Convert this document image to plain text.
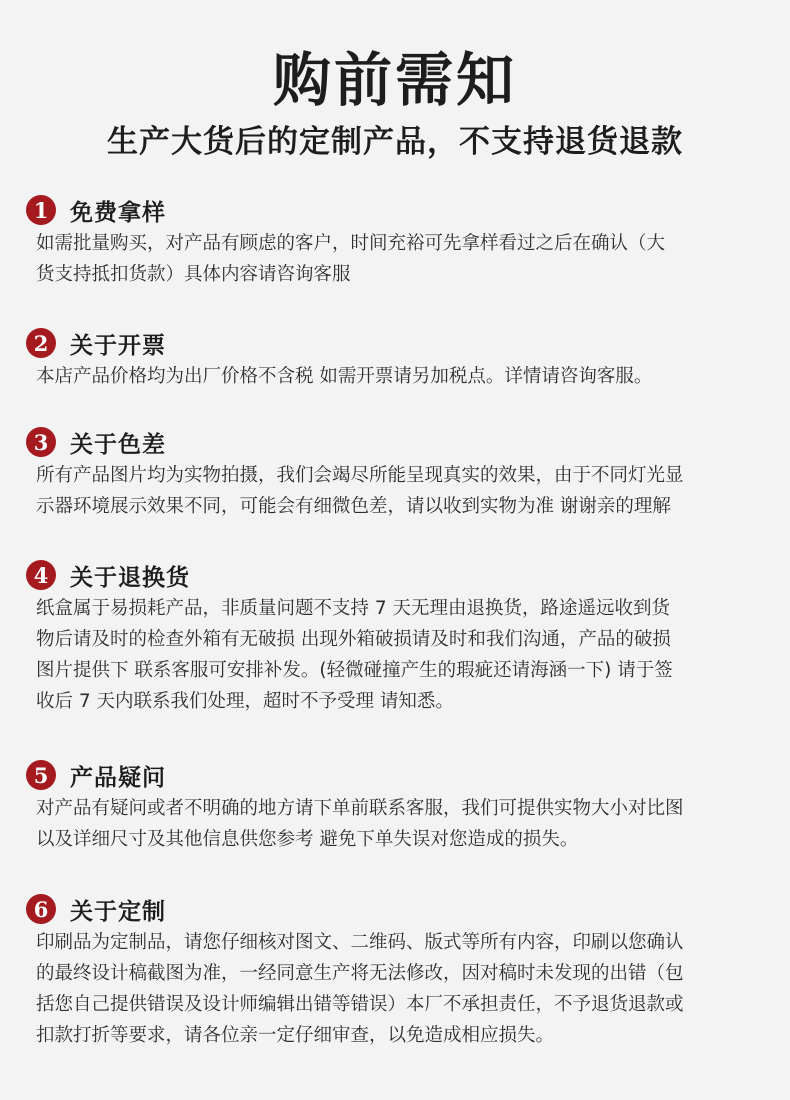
购前需知
生产大货后的定制产品，不支持退货退款
1 免费拿样
如需批量购买，对产品有顾虑的客户，时间充裕可先拿样看过之后在确认（大
货支持抵扣货款）具体内容请咨询客服
2 关于开票
本店产品价格均为出厂价格不含税 如需开票请另加税点。详情请咨询客服。
3 关于色差
所有产品图片均为实物拍摄，我们会竭尽所能呈现真实的效果，由于不同灯光显
示器环境展示效果不同，可能会有细微色差，请以收到实物为准 谢谢亲的理解
4 关于退换货
纸盒属于易损耗产品，非质量问题不支持 7 天无理由退换货，路途遥远收到货
物后请及时的检查外箱有无破损 出现外箱破损请及时和我们沟通，产品的破损
图片提供下 联系客服可安排补发。(轻微碰撞产生的瑕疵还请海涵一下) 请于签
收后 7 天内联系我们处理，超时不予受理 请知悉。
5 产品疑问
对产品有疑问或者不明确的地方请下单前联系客服，我们可提供实物大小对比图
以及详细尺寸及其他信息供您参考 避免下单失误对您造成的损失。
6 关于定制
印刷品为定制品，请您仔细核对图文、二维码、版式等所有内容，印刷以您确认
的最终设计稿截图为准，一经同意生产将无法修改，因对稿时未发现的出错（包
括您自己提供错误及设计师编辑出错等错误）本厂不承担责任，不予退货退款或
扣款打折等要求，请各位亲一定仔细审查，以免造成相应损失。
